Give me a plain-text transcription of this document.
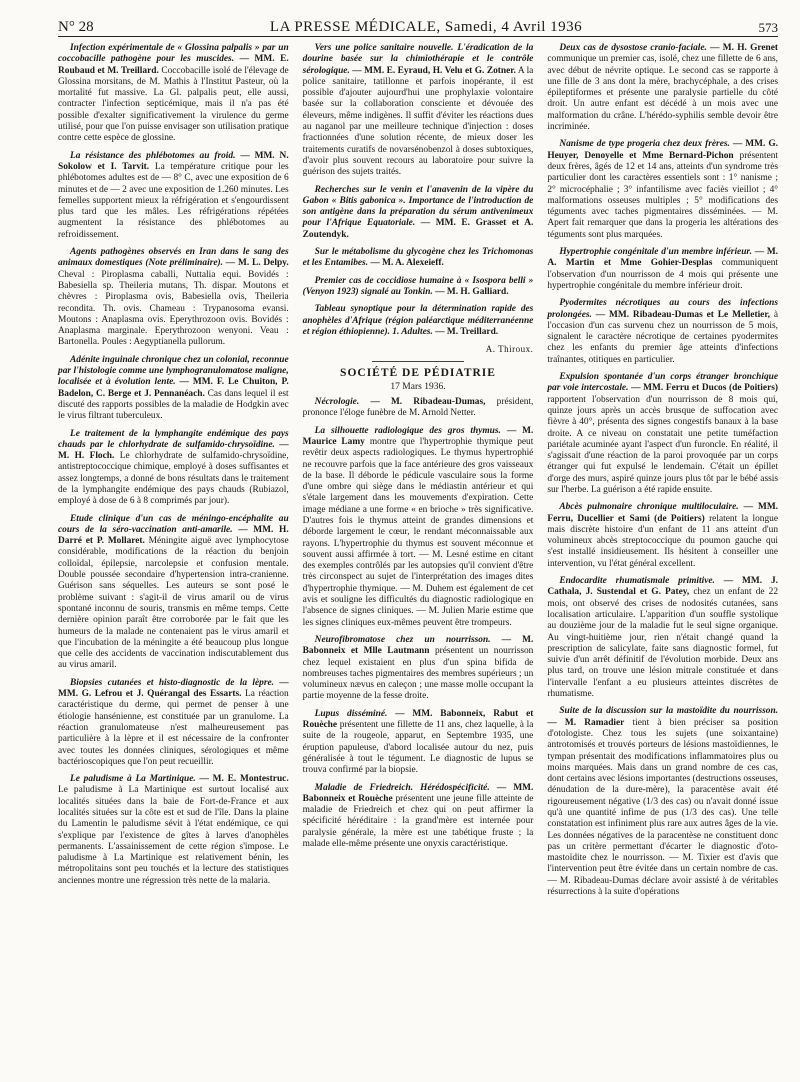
N° 28	LA PRESSE MÉDICALE, Samedi, 4 Avril 1936	573

Infection expérimentale de « Glossina palpalis » par un coccobacille pathogène pour les muscides. — MM. E. Roubaud et M. Treillard. Coccobacille isolé de l'élevage de Glossina morsitans, de M. Mathis à l'Institut Pasteur, où la mortalité fut massive. La Gl. palpalis peut, elle aussi, contracter l'infection septicémique, mais il n'a pas été possible d'exalter significativement la virulence du germe utilisé, pour que l'on puisse envisager son utilisation pratique contre cette espèce de glossine.

La résistance des phlébotomes au froid. — MM. N. Sokolow et I. Tarvit. La température critique pour les phlébotomes adultes est de — 8° C, avec une exposition de 6 minutes et de — 2 avec une exposition de 1.260 minutes. Les femelles supportent mieux la réfrigération et s'engourdissent plus tard que les mâles. Les réfrigérations répétées augmentent la résistance des phlébotomes au refroidissement.

Agents pathogènes observés en Iran dans le sang des animaux domestiques (Note préliminaire). — M. L. Delpy. Cheval : Piroplasma caballi, Nuttalia equi. Bovidés : Babesiella sp. Theileria mutans, Th. dispar. Moutons et chèvres : Piroplasma ovis, Babesiella ovis, Theileria recondita. Th. ovis. Chameau : Trypanosoma evansi. Moutons : Anaplasma ovis. Eperythrozoon ovis. Bovidés : Anaplasma marginale. Eperythrozoon wenyoni. Veau : Bartonella. Poules : Aegyptianella pullorum.

Adénite inguinale chronique chez un colonial, reconnue par l'histologie comme une lymphogranulomatose maligne, localisée et à évolution lente. — MM. F. Le Chuiton, P. Badelon, C. Berge et J. Pennanéach. Cas dans lequel il est discuté des rapports possibles de la maladie de Hodgkin avec le virus filtrant tuberculeux.

Le traitement de la lymphangite endémique des pays chauds par le chlorhydrate de sulfamido-chrysoïdine. — M. H. Floch. Le chlorhydrate de sulfamido-chrysoïdine, antistreptococcique chimique, employé à doses suffisantes et assez longtemps, a donné de bons résultats dans le traitement de la lymphangite endémique des pays chauds (Rubiazol, employé à dose de 6 à 8 comprimés par jour).

Etude clinique d'un cas de méningo-encéphalite au cours de la séro-vaccination anti-amarile. — MM. H. Darré et P. Mollaret. Méningite aiguë avec lymphocytose considérable, modifications de la réaction du benjoin colloïdal, épilepsie, narcolepsie et confusion mentale. Double poussée secondaire d'hypertension intra-cranienne. Guérison sans séquelles. Les auteurs se sont posé le problème suivant : s'agit-il de virus amaril ou de virus spontané inconnu de souris, transmis en même temps. Cette dernière opinion paraît être corroborée par le fait que les humeurs de la malade ne contenaient pas le virus amaril et que l'incubation de la méningite a été beaucoup plus longue que celle des accidents de vaccination indiscutablement dus au virus amaril.

Biopsies cutanées et histo-diagnostic de la lèpre. — MM. G. Lefrou et J. Quérangal des Essarts. La réaction caractéristique du derme, qui permet de penser à une étiologie hansénienne, est constituée par un granulome. La réaction granulomateuse n'est malheureusement pas particulière à la lèpre et il est nécessaire de la confronter avec toutes les données cliniques, sérologiques et même bactérioscopiques que l'on peut recueillir.

Le paludisme à La Martinique. — M. E. Montestruc. Le paludisme à La Martinique est surtout localisé aux localités situées dans la baie de Fort-de-France et aux localités situées sur la côte est et sud de l'île. Dans la plaine du Lamentin le paludisme sévit à l'état endémique, ce qui s'explique par l'existence de gîtes à larves d'anophèles permanents. L'assainissement de cette région s'impose. Le paludisme à La Martinique est relativement bénin, les métropolitains sont peu touchés et la lecture des statistiques anciennes montre une régression très nette de la malaria.

Vers une police sanitaire nouvelle. L'éradication de la dourine basée sur la chimiothérapie et le contrôle sérologique. — MM. E. Eyraud, H. Velu et G. Zotner. A la police sanitaire, tatillonne et parfois inopérante, il est possible d'ajouter aujourd'hui une prophylaxie volontaire basée sur la collaboration consciente et dévouée des éleveurs, même indigènes. Il suffit d'éviter les réactions dues au naganol par une meilleure technique d'injection : doses fractionnées d'une solution récente, de mieux doser les traitements curatifs de novarsénobenzol à doses subtoxiques, d'avoir plus souvent recours au laboratoire pour suivre la guérison des sujets traités.

Recherches sur le venin et l'anavenin de la vipère du Gabon « Bitis gabonica ». Importance de l'introduction de son antigène dans la préparation du sérum antivenimeux pour l'Afrique Equatoriale. — MM. E. Grasset et A. Zoutendyk.

Sur le métabolisme du glycogène chez les Trichomonas et les Entamibes. — M. A. Alexeieff.

Premier cas de coccidiose humaine à « Isospora belli » (Venyon 1923) signalé au Tonkin. — M. H. Galliard.

Tableau synoptique pour la détermination rapide des anophèles d'Afrique (région paléarctique méditerranéenne et région éthiopienne). 1. Adultes. — M. Treillard.

A. Thiroux.
SOCIÉTÉ DE PÉDIATRIE
17 Mars 1936.

Nécrologie. — M. Ribadeau-Dumas, président, prononce l'éloge funèbre de M. Arnold Netter.

La silhouette radiologique des gros thymus. — M. Maurice Lamy montre que l'hypertrophie thymique peut revêtir deux aspects radiologiques. Le thymus hypertrophié ne recouvre parfois que la face antérieure des gros vaisseaux de la base. Il déborde le pédicule vasculaire sous la forme d'une ombre qui siège dans le médiastin antérieur et qui s'étale largement dans les mouvements d'expiration. Cette image médiane a une forme « en brioche » très significative. D'autres fois le thymus atteint de grandes dimensions et déborde largement le cœur, le rendant méconnaissable aux rayons. L'hypertrophie du thymus est souvent méconnue et souvent aussi affirmée à tort. — M. Lesné estime en citant des exemples contrôlés par les autopsies qu'il convient d'être très circonspect au sujet de l'interprétation des images dites d'hypertrophie thymique. — M. Duhem est également de cet avis et souligne les difficultés du diagnostic radiologique en l'absence de signes cliniques. — M. Julien Marie estime que les signes cliniques eux-mêmes peuvent être trompeurs.

Neurofibromatose chez un nourrisson. — M. Babonneix et Mlle Lautmann présentent un nourrisson chez lequel existaient en plus d'un spina bifida de nombreuses taches pigmentaires des membres supérieurs ; un volumineux nævus en caleçon ; une masse molle occupant la partie moyenne de la fesse droite.

Lupus disséminé. — MM. Babonneix, Rabut et Rouèche présentent une fillette de 11 ans, chez laquelle, à la suite de la rougeole, apparut, en Septembre 1935, une éruption papuleuse, d'abord localisée autour du nez, puis généralisée à tout le tégument. Le diagnostic de lupus se trouva confirmé par la biopsie.

Maladie de Friedreich. Hérédospécificité. — MM. Babonneix et Rouèche présentent une jeune fille atteinte de maladie de Friedreich et chez qui on peut affirmer la spécificité héréditaire : la grand'mère est internée pour paralysie générale, la mère est une tabétique fruste ; la malade elle-même présente une onyxis caractéristique.

Deux cas de dysostose cranio-faciale. — M. H. Grenet communique un premier cas, isolé, chez une fillette de 6 ans, avec début de névrite optique. Le second cas se rapporte à une fille de 3 ans dont la mère, brachycéphale, a des crises épileptiformes et présente une paralysie partielle du côté droit. Un autre enfant est décédé à un mois avec une malformation du crâne. L'hérédo-syphilis semble devoir être incriminée.

Nanisme de type progeria chez deux frères. — MM. G. Heuyer, Denoyelle et Mme Bernard-Pichon présentent deux frères, âgés de 12 et 14 ans, atteints d'un syndrome très particulier dont les caractères essentiels sont : 1° nanisme ; 2° microcéphalie ; 3° infantilisme avec faciès vieillot ; 4° malformations osseuses multiples ; 5° modifications des téguments avec taches pigmentaires disséminées. — M. Apert fait remarquer que dans la progeria les altérations des téguments sont plus marquées.

Hypertrophie congénitale d'un membre inférieur. — M. A. Martin et Mme Gohier-Desplas communiquent l'observation d'un nourrisson de 4 mois qui présente une hypertrophie congénitale du membre inférieur droit.

Pyodermites nécrotiques au cours des infections prolongées. — MM. Ribadeau-Dumas et Le Melletier, à l'occasion d'un cas survenu chez un nourrisson de 5 mois, signalent le caractère nécrotique de certaines pyodermites chez les enfants du premier âge atteints d'infections traînantes, otitiques en particulier.

Expulsion spontanée d'un corps étranger bronchique par voie intercostale. — MM. Ferru et Ducos (de Poitiers) rapportent l'observation d'un nourrisson de 8 mois qui, quinze jours après un accès brusque de suffocation avec fièvre à 40°, présenta des signes congestifs banaux à la base droite. A ce niveau on constatait une petite tuméfaction pariétale acuminée ayant l'aspect d'un furoncle. En réalité, il s'agissait d'une réaction de la paroi provoquée par un corps étranger qui fut expulsé le lendemain. C'était un épillet d'orge des murs, aspiré quinze jours plus tôt par le bébé assis sur l'herbe. La guérison a été rapide ensuite.

Abcès pulmonaire chronique multiloculaire. — MM. Ferru, Ducellier et Sami (de Poitiers) relatent la longue mais discrète histoire d'un enfant de 11 ans atteint d'un volumineux abcès streptococcique du poumon gauche qui s'est installé insidieusement. Ils hésitent à conseiller une intervention, vu l'état général excellent.

Endocardite rhumatismale primitive. — MM. J. Cathala, J. Sustendal et G. Patey, chez un enfant de 22 mois, ont observé des crises de nodosités cutanées, sans localisation articulaire. L'apparition d'un souffle systolique au douzième jour de la maladie fut le seul signe organique. Au vingt-huitième jour, rien n'était changé quand la prescription de salicylate, faite sans diagnostic formel, fut suivie d'un arrêt définitif de l'évolution morbide. Deux ans plus tard, on trouve une lésion mitrale constituée et dans l'intervalle l'enfant a eu plusieurs atteintes discrètes de rhumatisme.

Suite de la discussion sur la mastoïdite du nourrisson. — M. Ramadier tient à bien préciser sa position d'otologiste. Chez tous les sujets (une soixantaine) antrotomisés et trouvés porteurs de lésions mastoïdiennes, le tympan présentait des modifications inflammatoires plus ou moins marquées. Mais dans un grand nombre de ces cas, dont certains avec lésions importantes (destructions osseuses, dénudation de la dure-mère), la paracentèse avait été rigoureusement négative (1/3 des cas) ou n'avait donné issue qu'à une quantité infime de pus (1/3 des cas). Une telle constatation est infiniment plus rare aux autres âges de la vie. Les données négatives de la paracentèse ne constituent donc pas un critère permettant d'écarter le diagnostic d'oto-mastoïdite chez le nourrisson. — M. Tixier est d'avis que l'intervention peut être évitée dans un certain nombre de cas. — M. Ribadeau-Dumas déclare avoir assisté à de véritables résurrections à la suite d'opérations
